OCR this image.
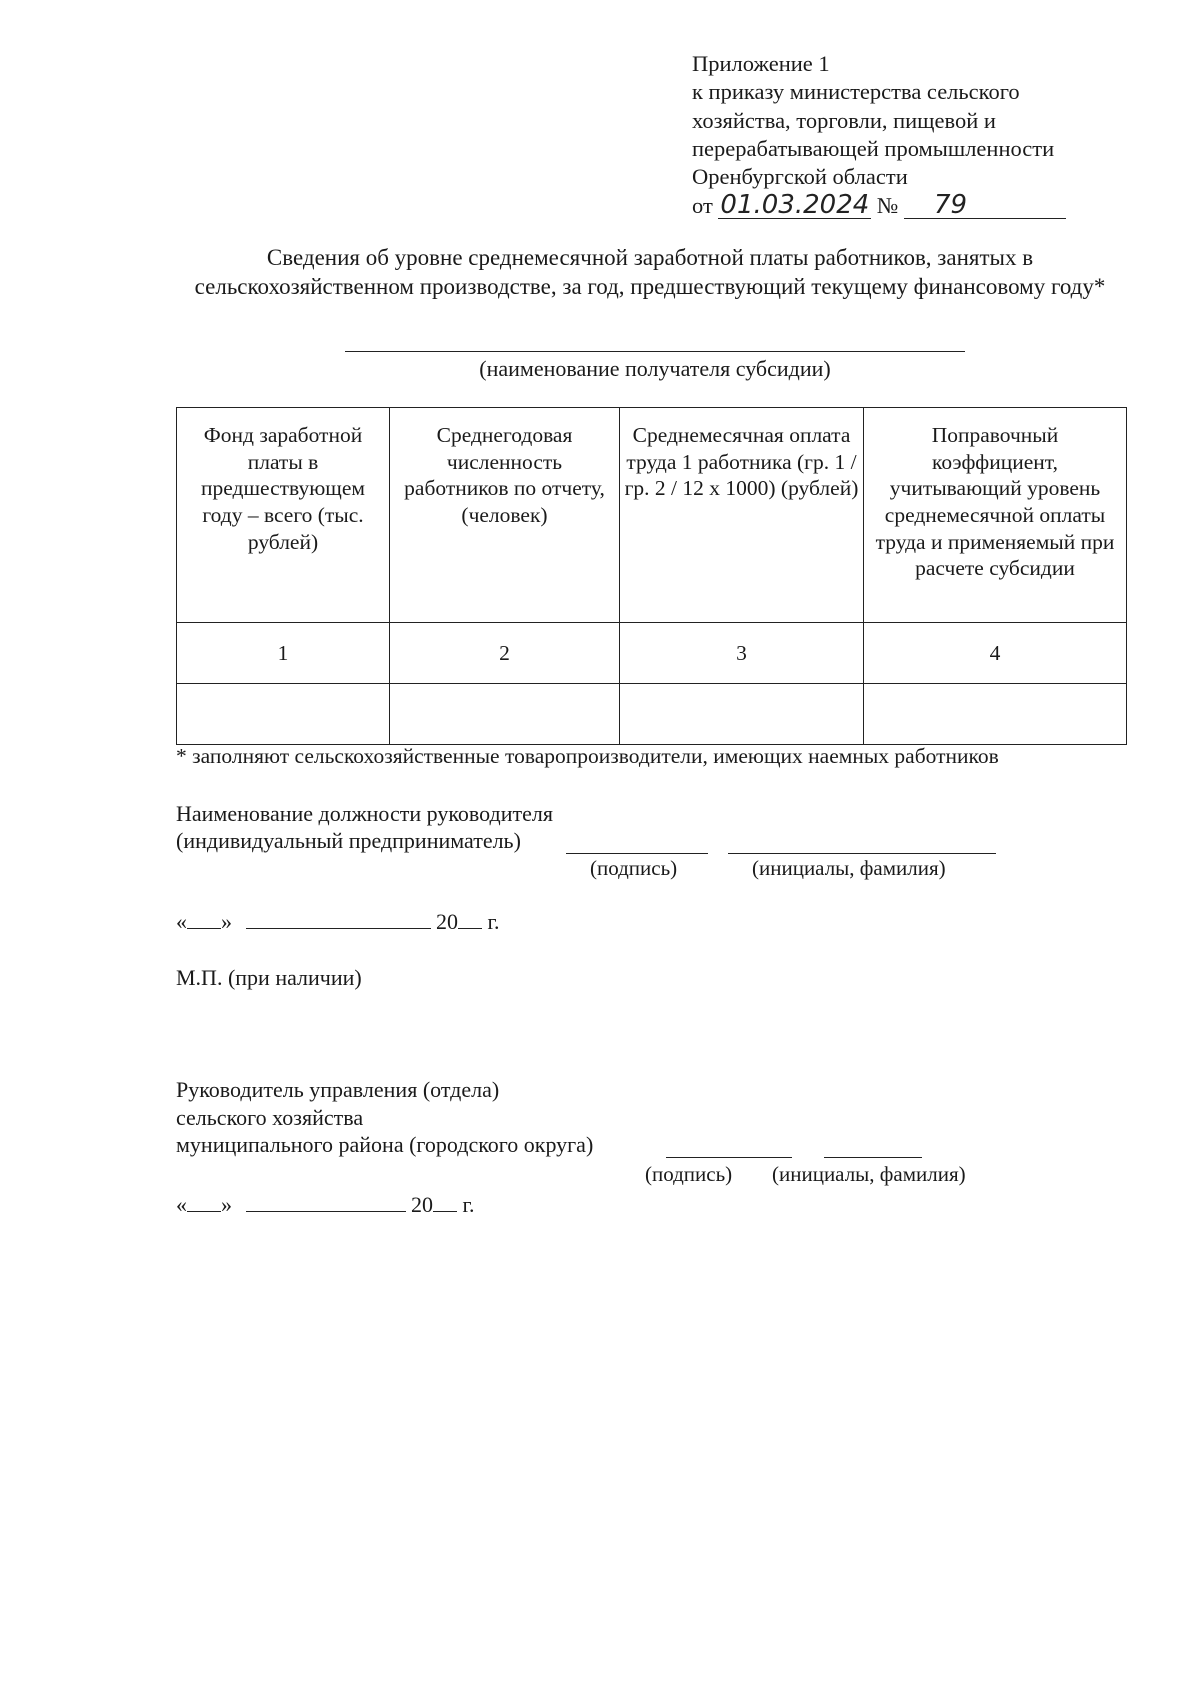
Приложение 1
к приказу министерства сельского
хозяйства, торговли, пищевой и
перерабатывающей промышленности
Оренбургской области
от 01.03.2024 № 79
Сведения об уровне среднемесячной заработной платы работников, занятых в сельскохозяйственном производстве, за год, предшествующий текущему финансовому году*
(наименование получателя субсидии)
Фонд заработной платы в предшествующем году – всего (тыс. рублей)	Среднегодовая численность работников по отчету, (человек)	Среднемесячная оплата труда 1 работника (гр. 1 / гр. 2 / 12 x 1000) (рублей)	Поправочный коэффициент, учитывающий уровень среднемесячной оплаты труда и применяемый при расчете субсидии
1	2	3	4

* заполняют сельскохозяйственные товаропроизводители, имеющих наемных работников
Наименование должности руководителя
(индивидуальный предприниматель)
(подпись)	(инициалы, фамилия)
« »	20 г.
М.П. (при наличии)
Руководитель управления (отдела)
сельского хозяйства
муниципального района (городского округа)
(подпись) (инициалы, фамилия)
« »	20 г.
